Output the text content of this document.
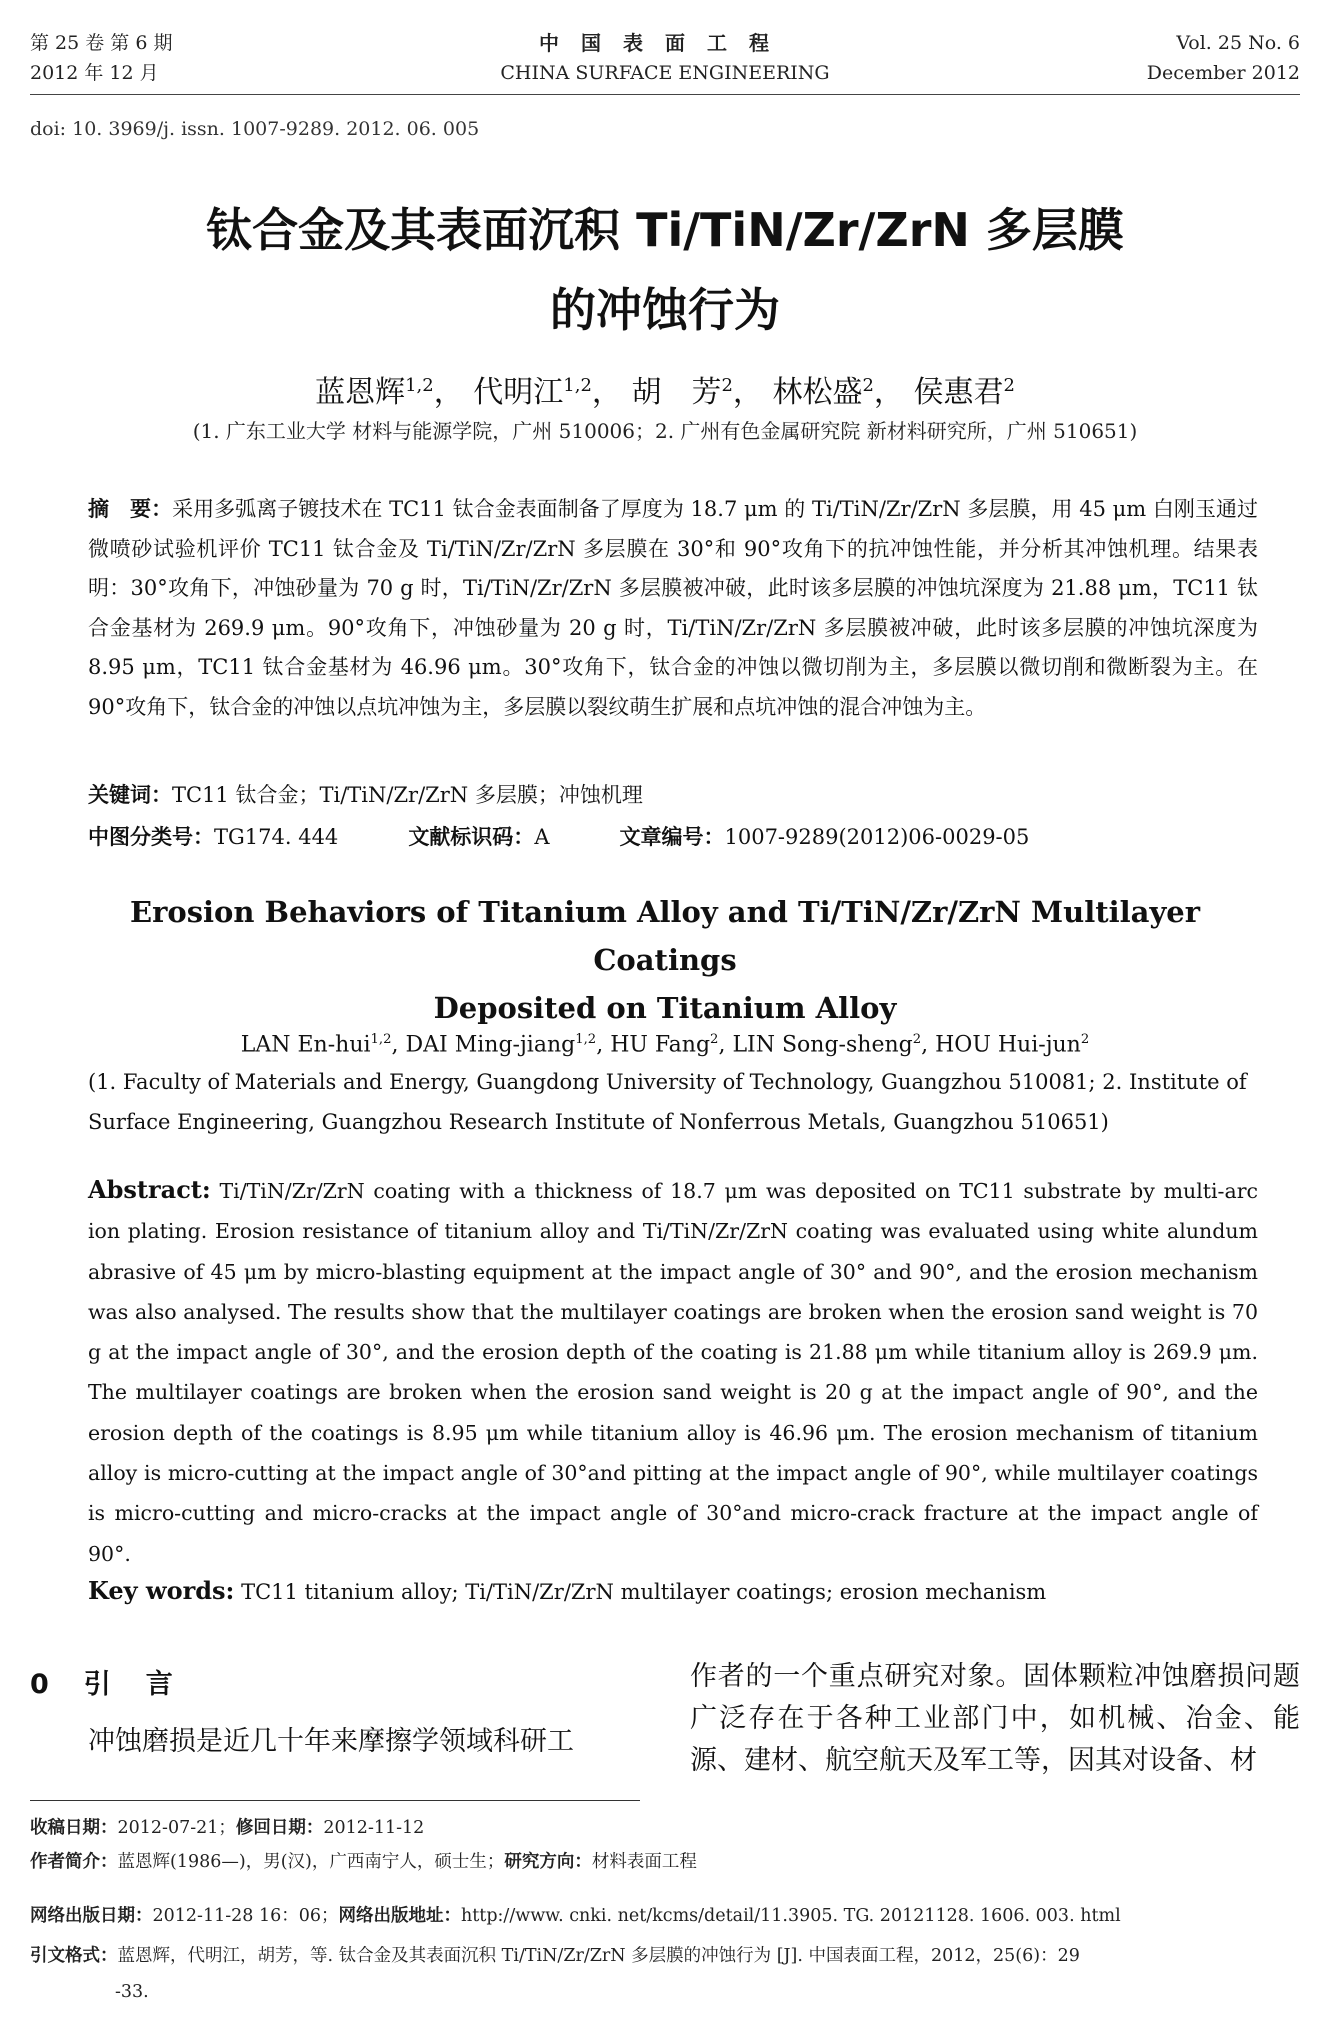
第 25 卷 第 6 期
2012 年 12 月
中国表面工程
CHINA SURFACE ENGINEERING
Vol. 25 No. 6
December 2012
doi: 10. 3969/j. issn. 1007-9289. 2012. 06. 005
钛合金及其表面沉积 Ti/TiN/Zr/ZrN 多层膜
的冲蚀行为
蓝恩辉$^{1,2}$， 代明江$^{1,2}$， 胡　芳$^2$， 林松盛$^2$， 侯惠君$^2$
(1. 广东工业大学 材料与能源学院，广州 510006；2. 广州有色金属研究院 新材料研究所，广州 510651)
摘　要：采用多弧离子镀技术在 TC11 钛合金表面制备了厚度为 18.7 μm 的 Ti/TiN/Zr/ZrN 多层膜，用 45 μm 白刚玉通过微喷砂试验机评价 TC11 钛合金及 Ti/TiN/Zr/ZrN 多层膜在 30°和 90°攻角下的抗冲蚀性能，并分析其冲蚀机理。结果表明：30°攻角下，冲蚀砂量为 70 g 时，Ti/TiN/Zr/ZrN 多层膜被冲破，此时该多层膜的冲蚀坑深度为 21.88 μm，TC11 钛合金基材为 269.9 μm。90°攻角下，冲蚀砂量为 20 g 时，Ti/TiN/Zr/ZrN 多层膜被冲破，此时该多层膜的冲蚀坑深度为 8.95 μm，TC11 钛合金基材为 46.96 μm。30°攻角下，钛合金的冲蚀以微切削为主，多层膜以微切削和微断裂为主。在 90°攻角下，钛合金的冲蚀以点坑冲蚀为主，多层膜以裂纹萌生扩展和点坑冲蚀的混合冲蚀为主。
关键词：TC11 钛合金；Ti/TiN/Zr/ZrN 多层膜；冲蚀机理
中图分类号：TG174. 444	文献标识码：A	文章编号：1007-9289(2012)06-0029-05
Erosion Behaviors of Titanium Alloy and Ti/TiN/Zr/ZrN Multilayer Coatings
Deposited on Titanium Alloy
LAN En-hui$^{1,2}$, DAI Ming-jiang$^{1,2}$, HU Fang$^2$, LIN Song-sheng$^2$, HOU Hui-jun$^2$
(1. Faculty of Materials and Energy, Guangdong University of Technology, Guangzhou 510081; 2. Institute of Surface Engineering, Guangzhou Research Institute of Nonferrous Metals, Guangzhou 510651)
Abstract: Ti/TiN/Zr/ZrN coating with a thickness of 18.7 μm was deposited on TC11 substrate by multi-arc ion plating. Erosion resistance of titanium alloy and Ti/TiN/Zr/ZrN coating was evaluated using white alundum abrasive of 45 μm by micro-blasting equipment at the impact angle of 30° and 90°, and the erosion mechanism was also analysed. The results show that the multilayer coatings are broken when the erosion sand weight is 70 g at the impact angle of 30°, and the erosion depth of the coating is 21.88 μm while titanium alloy is 269.9 μm. The multilayer coatings are broken when the erosion sand weight is 20 g at the impact angle of 90°, and the erosion depth of the coatings is 8.95 μm while titanium alloy is 46.96 μm. The erosion mechanism of titanium alloy is micro-cutting at the impact angle of 30°and pitting at the impact angle of 90°, while multilayer coatings is micro-cutting and micro-cracks at the impact angle of 30°and micro-crack fracture at the impact angle of 90°.
Key words: TC11 titanium alloy; Ti/TiN/Zr/ZrN multilayer coatings; erosion mechanism
0　引　言
冲蚀磨损是近几十年来摩擦学领域科研工
作者的一个重点研究对象。固体颗粒冲蚀磨损问题广泛存在于各种工业部门中，如机械、冶金、能源、建材、航空航天及军工等，因其对设备、材
收稿日期：2012-07-21；修回日期：2012-11-12
作者简介：蓝恩辉(1986—)，男(汉)，广西南宁人，硕士生；研究方向：材料表面工程
网络出版日期：2012-11-28 16：06；网络出版地址：http://www. cnki. net/kcms/detail/11.3905. TG. 20121128. 1606. 003. html
引文格式：蓝恩辉，代明江，胡芳，等. 钛合金及其表面沉积 Ti/TiN/Zr/ZrN 多层膜的冲蚀行为 [J]. 中国表面工程，2012，25(6)：29
-33.
